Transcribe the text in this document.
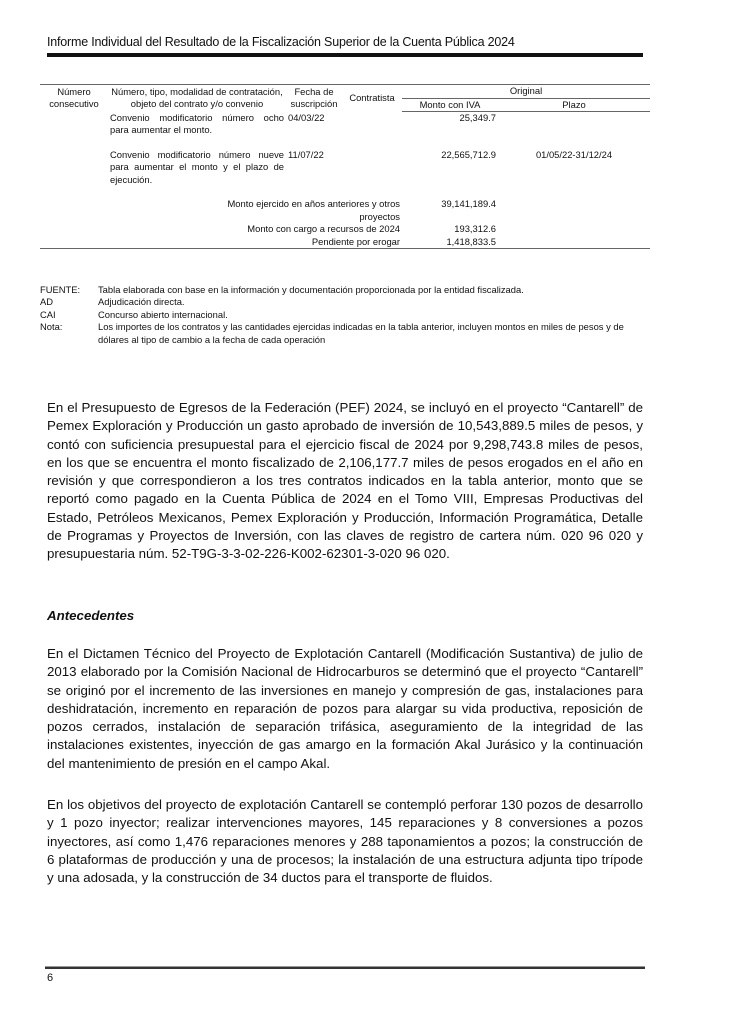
Informe Individual del Resultado de la Fiscalización Superior de la Cuenta Pública 2024
Número consecutivo	Número, tipo, modalidad de contratación, objeto del contrato y/o convenio	Fecha de suscripción	Contratista	Original	
				Monto con IVA	Plazo
	Convenio modificatorio número ocho para aumentar el monto.	04/03/22		25,349.7	

	Convenio modificatorio número nueve para aumentar el monto y el plazo de ejecución.	11/07/22		22,565,712.9	01/05/22-31/12/24

	Monto ejercido en años anteriores y otros proyectos			39,141,189.4	
	Monto con cargo a recursos de 2024			193,312.6	
	Pendiente por erogar			1,418,833.5	
FUENTE:	Tabla elaborada con base en la información y documentación proporcionada por la entidad fiscalizada.
AD	Adjudicación directa.
CAI	Concurso abierto internacional.
Nota:	Los importes de los contratos y las cantidades ejercidas indicadas en la tabla anterior, incluyen montos en miles de pesos y de dólares al tipo de cambio a la fecha de cada operación
En el Presupuesto de Egresos de la Federación (PEF) 2024, se incluyó en el proyecto “Cantarell” de Pemex Exploración y Producción un gasto aprobado de inversión de 10,543,889.5 miles de pesos, y contó con suficiencia presupuestal para el ejercicio fiscal de 2024 por 9,298,743.8 miles de pesos, en los que se encuentra el monto fiscalizado de 2,106,177.7 miles de pesos erogados en el año en revisión y que correspondieron a los tres contratos indicados en la tabla anterior, monto que se reportó como pagado en la Cuenta Pública de 2024 en el Tomo VIII, Empresas Productivas del Estado, Petróleos Mexicanos, Pemex Exploración y Producción, Información Programática, Detalle de Programas y Proyectos de Inversión, con las claves de registro de cartera núm. 020 96 020 y presupuestaria núm. 52-T9G-3-3-02-226-K002-62301-3-020 96 020.
Antecedentes
En el Dictamen Técnico del Proyecto de Explotación Cantarell (Modificación Sustantiva) de julio de 2013 elaborado por la Comisión Nacional de Hidrocarburos se determinó que el proyecto “Cantarell” se originó por el incremento de las inversiones en manejo y compresión de gas, instalaciones para deshidratación, incremento en reparación de pozos para alargar su vida productiva, reposición de pozos cerrados, instalación de separación trifásica, aseguramiento de la integridad de las instalaciones existentes, inyección de gas amargo en la formación Akal Jurásico y la continuación del mantenimiento de presión en el campo Akal.
En los objetivos del proyecto de explotación Cantarell se contempló perforar 130 pozos de desarrollo y 1 pozo inyector; realizar intervenciones mayores, 145 reparaciones y 8 conversiones a pozos inyectores, así como 1,476 reparaciones menores y 288 taponamientos a pozos; la construcción de 6 plataformas de producción y una de procesos; la instalación de una estructura adjunta tipo trípode y una adosada, y la construcción de 34 ductos para el transporte de fluidos.
6
